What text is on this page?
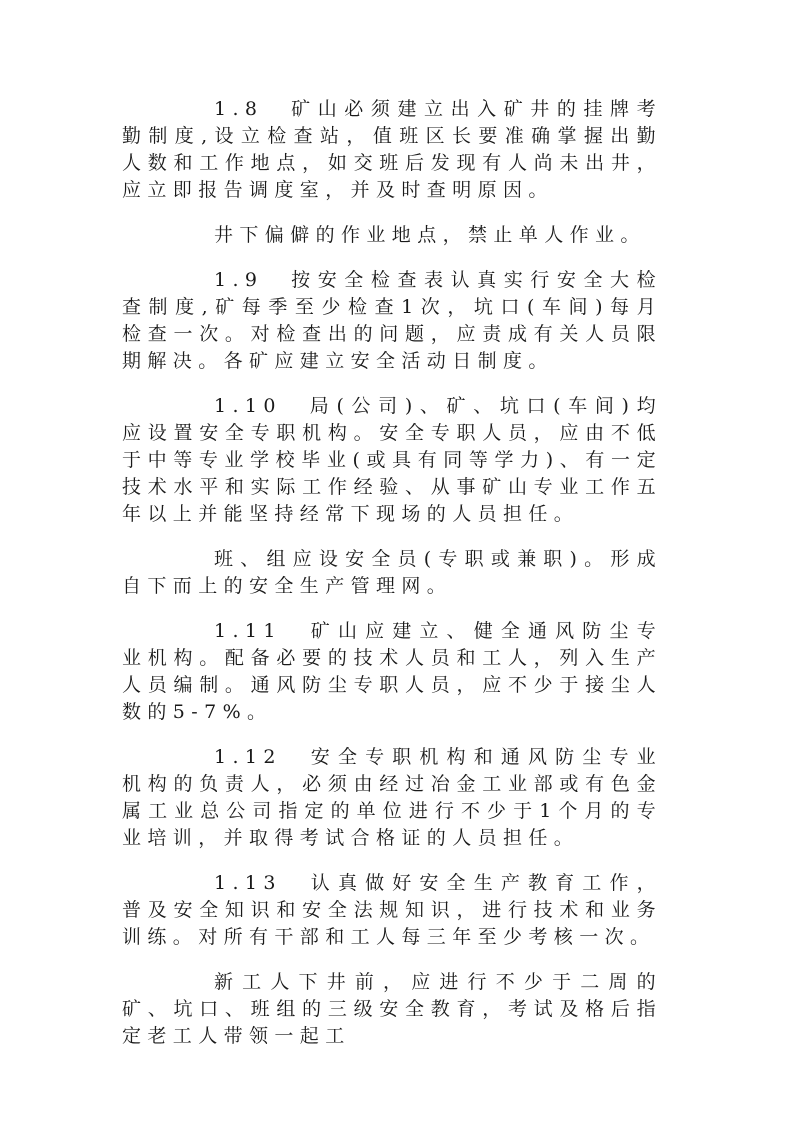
1.8　矿山必须建立出入矿井的挂牌考勤制度,设立检查站，值班区长要准确掌握出勤人数和工作地点，如交班后发现有人尚未出井，应立即报告调度室，并及时查明原因。

井下偏僻的作业地点，禁止单人作业。

1.9　按安全检查表认真实行安全大检查制度,矿每季至少检查1次，坑口(车间)每月检查一次。对检查出的问题，应责成有关人员限期解决。各矿应建立安全活动日制度。

1.10　局(公司)、矿、坑口(车间)均应设置安全专职机构。安全专职人员，应由不低于中等专业学校毕业(或具有同等学力)、有一定技术水平和实际工作经验、从事矿山专业工作五年以上并能坚持经常下现场的人员担任。

班、组应设安全员(专职或兼职)。形成自下而上的安全生产管理网。

1.11　矿山应建立、健全通风防尘专业机构。配备必要的技术人员和工人，列入生产人员编制。通风防尘专职人员，应不少于接尘人数的5-7%。

1.12　安全专职机构和通风防尘专业机构的负责人，必须由经过冶金工业部或有色金属工业总公司指定的单位进行不少于1个月的专业培训，并取得考试合格证的人员担任。

1.13　认真做好安全生产教育工作，普及安全知识和安全法规知识，进行技术和业务训练。对所有干部和工人每三年至少考核一次。

新工人下井前，应进行不少于二周的矿、坑口、班组的三级安全教育，考试及格后指定老工人带领一起工
